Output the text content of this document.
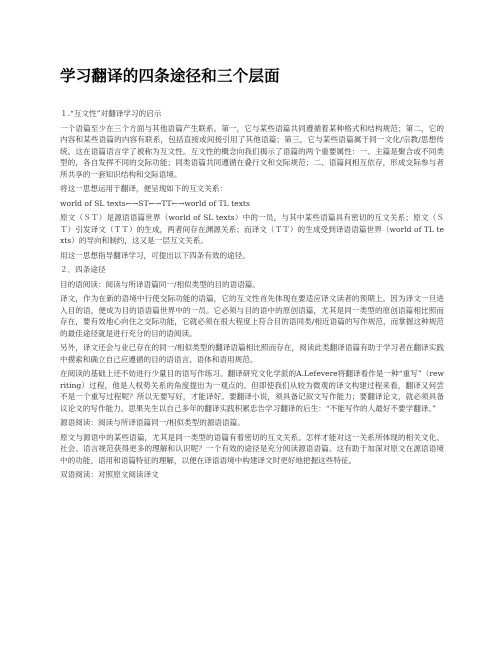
学习翻译的四条途径和三个层面

１.“互文性”对翻译学习的启示

一个语篇至少在三个方面与其他语篇产生联系。第一，它与某些语篇共同遵循着某种格式和结构规范；第二，它的内容和某些语篇的内容有联系，包括直接或间接引用了其他语篇；第三，它与某些语篇属于同一文化/宗教/思想传统。这在语篇语言学了被称为互文性。互文性的概念向我们揭示了语篇的两个重要属性：一、主篇是聚合或不同类型的，各自发挥不同的交际功能；同类语篇共同遵循在叠行文和交际规范；二、语篇间相互依存，形成交际参与者所共享的一套知识结构和交际语境。

将这一思想运用于翻译，便呈现如下的互文关系：

world of SL texts←→ST←→TT←→world of TL texts

原文（ＳＴ）是源语语篇世界（world of SL texts）中的一员，与其中某些语篇具有密切的互文关系；原文（ＳＴ）引发译文（ＴＴ）的生成，两者间存在渊源关系；而译文（ＴＴ）的生成受到译语语篇世界（world of TL texts）的导向和制约，这又是一层互文关系。

用这一思想指导翻译学习，可提出以下四条有效的途径。

２．四条途径

目的语阅读：阅读与所译语篇同一/相似类型的目的语语篇。

译文，作为在新的语境中行使交际功能的语篇，它的互文性首先体现在要适应译文读者的预期上。因为译文一旦进入目的语，便成为目的语语篇世界中的一员。它必须与目的语中的原创语篇，尤其是同一类型的原创语篇相比照而存在，要有效地心向住之交际功能，它就必须在很大程度上符合目的语同类/相近语篇的写作规范，而掌握这种规范的最佳途径就是进行充分的目的语阅读。

另外，译文还会与业已存在的同一/相似类型的翻译语篇相比照而存在，阅读此类翻译语篇有助于学习者在翻译实践中摸索和确立自己应遵循的目的语语言、语体和语用规范。

在阅读的基础上还不妨进行少量目的语写作练习。翻译研究文化学派的A.Lefevere将翻译看作是一种“重写”（rewriting）过程，他是人权势关系的角度提出为一观点的。但即使我们从较为微观的译文构建过程来看，翻译又何尝不是一个重写过程呢？所以无要写好，才能译好。要翻译小说，须具备记叙文写作能力；要翻译论文，就必须具备议论文的写作能力。思果先生以自己多年的翻译实践积累忠告学习翻译的后生：“不能写作的人最好不要学翻译。”

源语阅读：阅读与所译语篇同一/相似类型的源语语篇。

原文与源语中的某些语篇，尤其是同一类型的语篇有着密切的互文关系。怎样才能对这一关系所体现的相关文化、社会、语言规范获得更多的理解和认识呢？一个有效的途径是充分阅读源语语篇。这有助于加深对原文在源语语境中的功能、语用和语篇特征的理解，以便在译语语境中构建译文时更好地把握这些特征。

双语阅读：对照原文阅读译文
